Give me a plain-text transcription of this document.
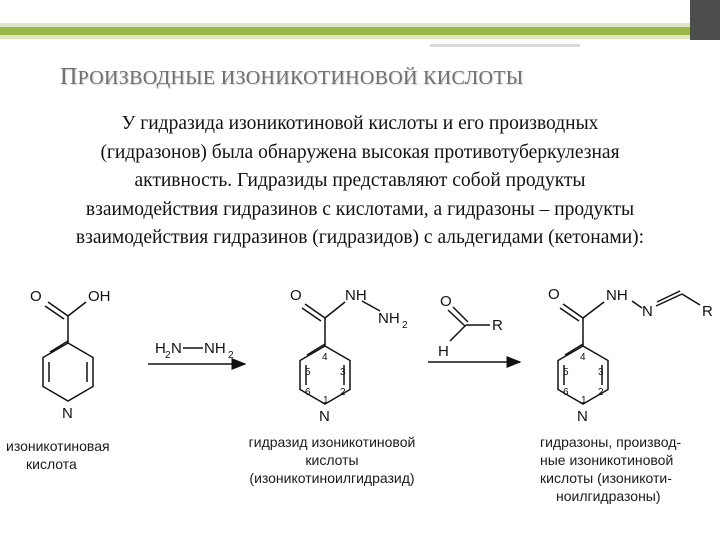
ПРОИЗВОДНЫЕ ИЗОНИКОТИНОВОЙ КИСЛОТЫ

У гидразида изоникотиновой кислоты и его производных

(гидразонов) была обнаружена высокая противотуберкулезная

активность. Гидразиды представляют собой продукты

взаимодействия гидразинов с кислотами, а гидразоны – продукты

взаимодействия гидразинов (гидразидов) с альдегидами (кетонами):

O	OH
N
H 2 N NH 2
O	NH
NH 2
N
4
3
2
1
6
5
O
R
H
O	NH
N	R
N
4
3
2
1
6
5

изоникотиновая

кислота

гидразид изоникотиновой

кислоты

(изоникотиноилгидразид)

гидразоны, производ-

ные изоникотиновой

кислоты (изоникоти-

ноилгидразоны)
